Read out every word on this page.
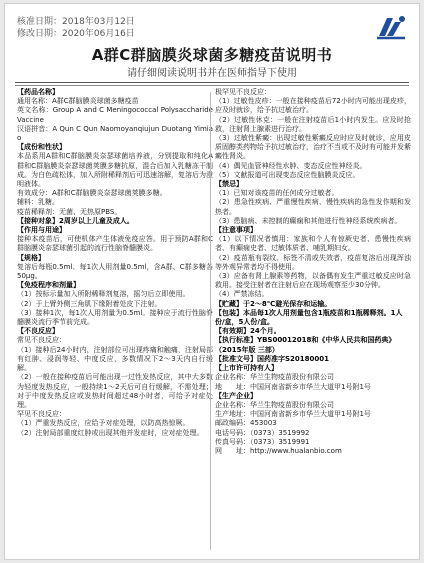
核准日期：2018年03月12日
修改日期：2020年06月16日
A群C群脑膜炎球菌多糖疫苗说明书
请仔细阅读说明书并在医师指导下使用
【药品名称】
通用名称：A群C群脑膜炎球菌多糖疫苗
英文名称：Group A and C Meningococcal Polysaccharide Vaccine
汉语拼音：A Qun C Qun Naomoyanqiujun Duotang Yimiao
【成份和性状】
本品系用A群和C群脑膜炎奈瑟球菌培养液，分别提取和纯化A群和C群脑膜炎奈瑟球菌荚膜多糖抗原，混合后加入乳糖冻干制成。为白色疏松体，加入所附稀释剂后可迅速溶解，复溶后为澄明液体。
有效成分：A群和C群脑膜炎奈瑟球菌荚膜多糖。
辅料：乳糖。
疫苗稀释剂：无菌、无热原PBS。
【接种对象】2周岁以上儿童及成人。
【作用与用途】
接种本疫苗后，可使机体产生体液免疫应答。用于预防A群和C群脑膜炎奈瑟球菌引起的流行性脑脊髓膜炎。
【规格】
复溶后每瓶0.5ml、每1次人用剂量0.5ml，含A群、C群多糖各50μg。
【免疫程序和剂量】
（1）按标示量加入所附稀释剂复溶，摇匀后立即使用。
（2）于上臂外侧三角肌下缘附着处皮下注射。
（3）接种1次，每1次人用剂量为0.5ml。接种应于流行性脑脊髓膜炎流行季节前完成。
【不良反应】
常见不良反应：
（1）接种后24小时内，注射部位可出现疼痛和触痛，注射局部有红肿、浸润等轻、中度反应，多数情况下2～3天内自行缓解。
（2）一般在接种疫苗后可能出现一过性发热反应，其中大多数为轻度发热反应，一般持续1～2天后可自行缓解，不需处理；对于中度发热反应或发热时间超过48小时者，可给予对症处理。
罕见不良反应：
（1）严重发热反应，应给予对症处理，以防高热惊厥。
（2）注射局部重度红肿或出现其他并发症时，应对症处理。
极罕见不良反应：
（1）过敏性皮疹：一般在接种疫苗后72小时内可能出现皮疹，应及时就诊，给予抗过敏治疗。
（2）过敏性休克：一般在注射疫苗后1小时内发生。应及时抢救，注射肾上腺素进行治疗。
（3）过敏性紫癜：出现过敏性紫癜反应时应及时就诊，应用皮质固醇类药物给予抗过敏治疗，治疗不当或不及时有可能并发紫癜性肾炎。
（4）偶见血管神经性水肿、变态反应性神经炎。
（5）文献报道可出现变态反应性脑膜炎反应。
【禁忌】
（1）已知对该疫苗的任何成分过敏者。
（2）患急性疾病、严重慢性疾病、慢性疾病的急性发作期和发热者。
（3）患脑病、未控制的癫痫和其他进行性神经系统疾病者。
【注意事项】
（1）以下情况者慎用：家族和个人有惊厥史者、患慢性疾病者、有癫痫史者、过敏体质者、哺乳期妇女。
（2）疫苗瓶有裂纹、标签不清或失效者，疫苗复溶后出现浑浊等外观异常者均不得使用。
（3）应备有肾上腺素等药物，以备偶有发生严重过敏反应时急救用。接受注射者在注射后应在现场观察至少30分钟。
（4）严禁冻结。
【贮藏】于2～8℃避光保存和运输。
【包装】本品每1次人用剂量包含1瓶疫苗和1瓶稀释剂。1人份/盒，5人份/盒。
【有效期】24个月。
【执行标准】YBS00012018和《中华人民共和国药典》（2015年版 三部）
【批准文号】国药准字S20180001
【上市许可持有人】
企业名称：华兰生物疫苗股份有限公司
地　　址：中国河南省新乡市华兰大道甲1号附1号
【生产企业】
企业名称：华兰生物疫苗股份有限公司
生产地址：中国河南省新乡市华兰大道甲1号附1号
邮政编码：453003
电话号码：（0373）3519992
传真号码：（0373）3519991
网　　址：http://www.hualanbio.com
